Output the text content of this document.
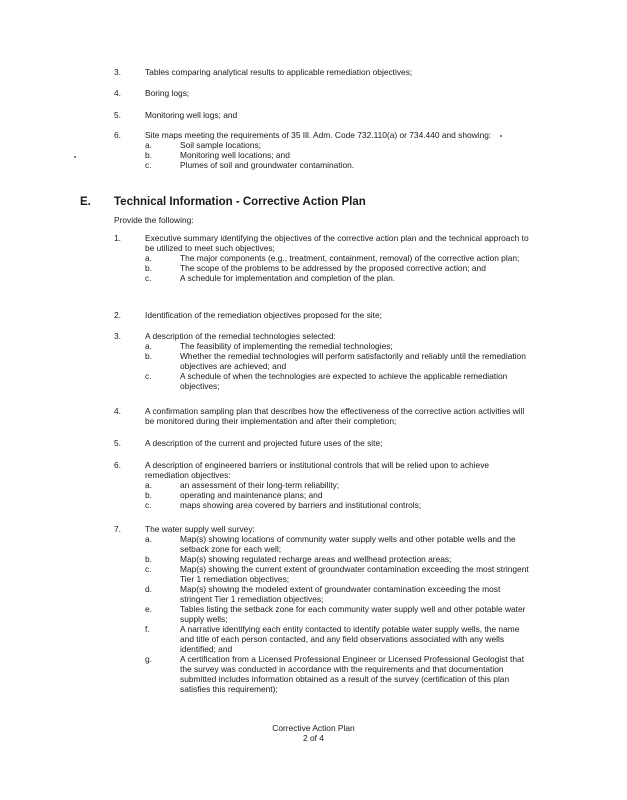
3.	Tables comparing analytical results to applicable remediation objectives;
4.	Boring logs;
5.	Monitoring well logs; and
6.	Site maps meeting the requirements of 35 Ill. Adm. Code 732.110(a) or 734.440 and showing:
a.	Soil sample locations;
b.	Monitoring well locations; and
c.	Plumes of soil and groundwater contamination.
E. Technical Information - Corrective Action Plan
Provide the following:
1.	Executive summary identifying the objectives of the corrective action plan and the technical approach to be utilized to meet such objectives;
a.	The major components (e.g., treatment, containment, removal) of the corrective action plan;
b.	The scope of the problems to be addressed by the proposed corrective action; and
c.	A schedule for implementation and completion of the plan.
2.	Identification of the remediation objectives proposed for the site;
3.	A description of the remedial technologies selected:
a.	The feasibility of implementing the remedial technologies;
b.	Whether the remedial technologies will perform satisfactorily and reliably until the remediation objectives are achieved; and
c.	A schedule of when the technologies are expected to achieve the applicable remediation objectives;
4.	A confirmation sampling plan that describes how the effectiveness of the corrective action activities will be monitored during their implementation and after their completion;
5.	A description of the current and projected future uses of the site;
6.	A description of engineered barriers or institutional controls that will be relied upon to achieve remediation objectives:
a.	an assessment of their long-term reliability;
b.	operating and maintenance plans; and
c.	maps showing area covered by barriers and institutional controls;
7.	The water supply well survey:
a.	Map(s) showing locations of community water supply wells and other potable wells and the setback zone for each well;
b.	Map(s) showing regulated recharge areas and wellhead protection areas;
c.	Map(s) showing the current extent of groundwater contamination exceeding the most stringent Tier 1 remediation objectives;
d.	Map(s) showing the modeled extent of groundwater contamination exceeding the most stringent Tier 1 remediation objectives;
e.	Tables listing the setback zone for each community water supply well and other potable water supply wells;
f.	A narrative identifying each entity contacted to identify potable water supply wells, the name and title of each person contacted, and any field observations associated with any wells identified; and
g.	A certification from a Licensed Professional Engineer or Licensed Professional Geologist that the survey was conducted in accordance with the requirements and that documentation submitted includes information obtained as a result of the survey (certification of this plan satisfies this requirement);
Corrective Action Plan
2 of 4
